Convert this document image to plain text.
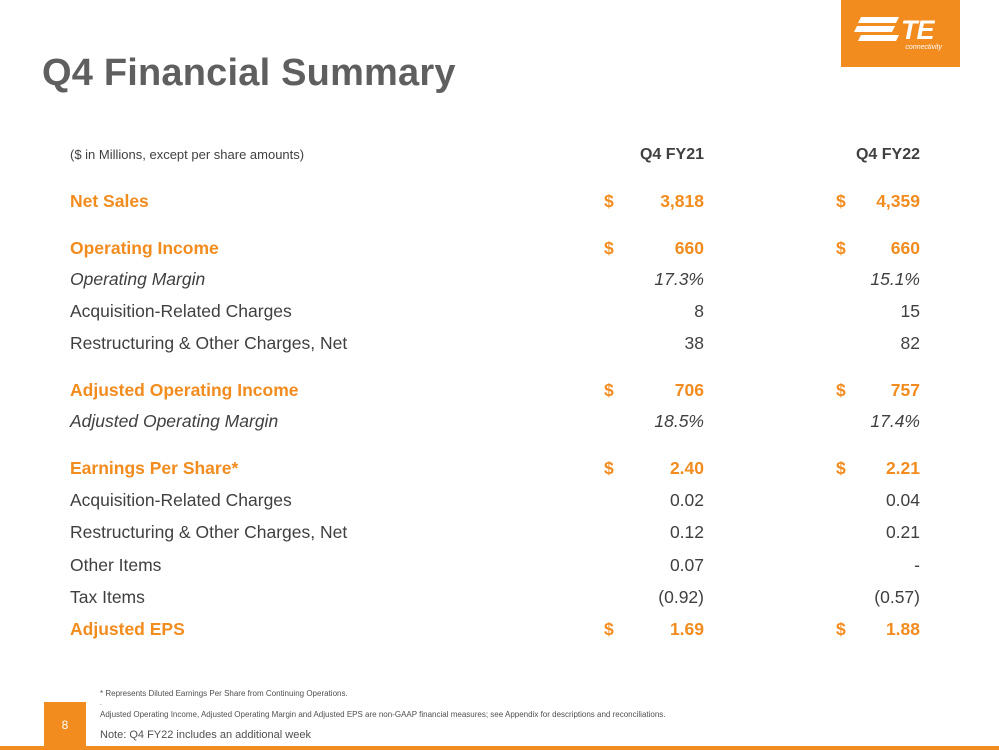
Q4 Financial Summary
TE
connectivity
($ in Millions, except per share amounts)	Q4 FY21	Q4 FY22
Net Sales	$	3,818	$ 4,359
Operating Income	$	660	$	660
Operating Margin	17.3%	15.1%
Acquisition-Related Charges	8	15
Restructuring & Other Charges, Net	38	82
Adjusted Operating Income	$	706	$	757
Adjusted Operating Margin	18.5%	17.4%
Earnings Per Share*	$	2.40	$ 2.21
Acquisition-Related Charges	0.02	0.04
Restructuring & Other Charges, Net	0.12	0.21
Other Items	0.07	-
Tax Items	(0.92)	(0.57)
Adjusted EPS	$	1.69	$ 1.88
* Represents Diluted Earnings Per Share from Continuing Operations.
.
Adjusted Operating Income, Adjusted Operating Margin and Adjusted EPS are non-GAAP financial measures; see Appendix for descriptions and reconciliations.
Note: Q4 FY22 includes an additional week
8
